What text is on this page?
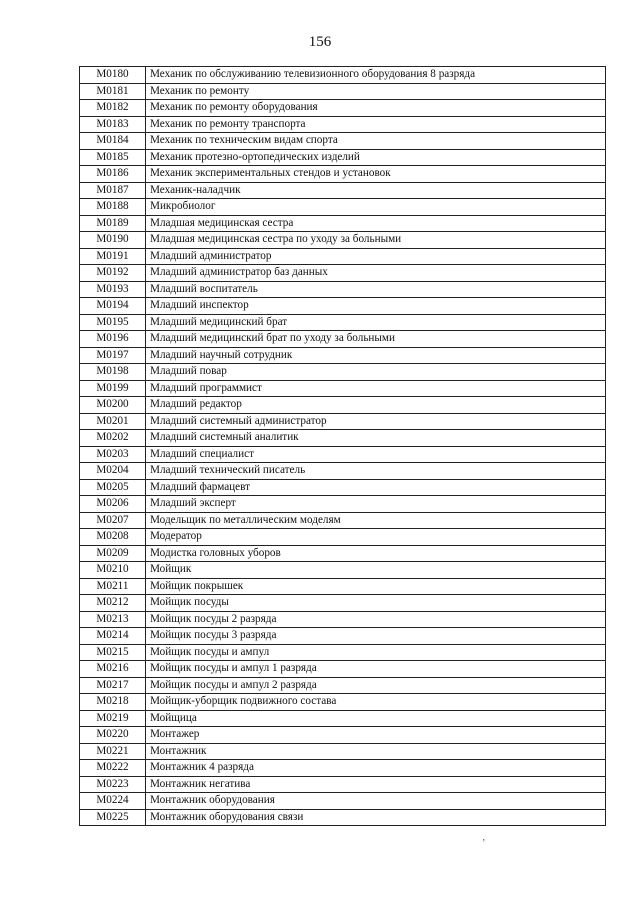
156
M0180	Механик по обслуживанию телевизионного оборудования 8 разряда
M0181	Механик по ремонту
M0182	Механик по ремонту оборудования
M0183	Механик по ремонту транспорта
M0184	Механик по техническим видам спорта
M0185	Механик протезно-ортопедических изделий
M0186	Механик экспериментальных стендов и установок
M0187	Механик-наладчик
M0188	Микробиолог
M0189	Младшая медицинская сестра
M0190	Младшая медицинская сестра по уходу за больными
M0191	Младший администратор
M0192	Младший администратор баз данных
M0193	Младший воспитатель
M0194	Младший инспектор
M0195	Младший медицинский брат
M0196	Младший медицинский брат по уходу за больными
M0197	Младший научный сотрудник
M0198	Младший повар
M0199	Младший программист
M0200	Младший редактор
M0201	Младший системный администратор
M0202	Младший системный аналитик
M0203	Младший специалист
M0204	Младший технический писатель
M0205	Младший фармацевт
M0206	Младший эксперт
M0207	Модельщик по металлическим моделям
M0208	Модератор
M0209	Модистка головных уборов
M0210	Мойщик
M0211	Мойщик покрышек
M0212	Мойщик посуды
M0213	Мойщик посуды 2 разряда
M0214	Мойщик посуды 3 разряда
M0215	Мойщик посуды и ампул
M0216	Мойщик посуды и ампул 1 разряда
M0217	Мойщик посуды и ампул 2 разряда
M0218	Мойщик-уборщик подвижного состава
M0219	Мойщица
M0220	Монтажер
M0221	Монтажник
M0222	Монтажник 4 разряда
M0223	Монтажник негатива
M0224	Монтажник оборудования
M0225	Монтажник оборудования связи
’
